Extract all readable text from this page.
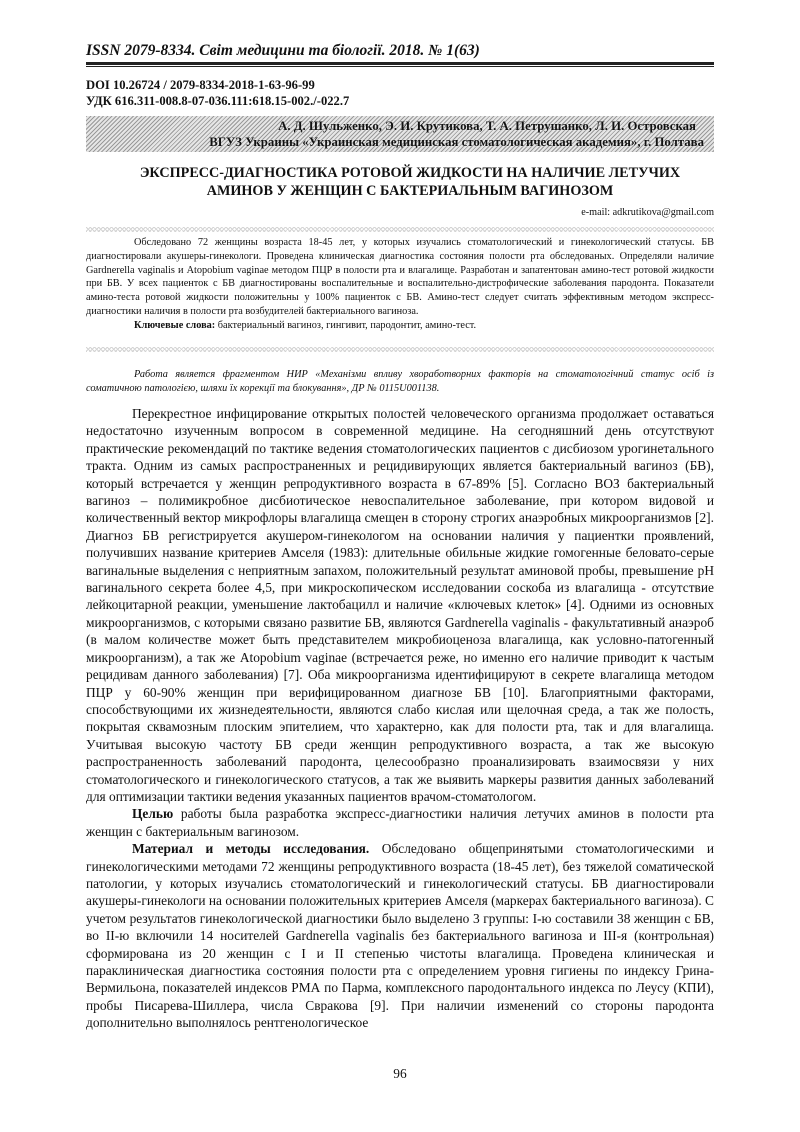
ISSN 2079-8334. Світ медицини та біології. 2018. № 1(63)
DOI 10.26724 / 2079-8334-2018-1-63-96-99
УДК 616.311-008.8-07-036.111:618.15-002./-022.7
А. Д. Шульженко, Э. И. Крутикова, Т. А. Петрушанко, Л. И. Островская
ВГУЗ Украины «Украинская медицинская стоматологическая академия», г. Полтава
ЭКСПРЕСС-ДИАГНОСТИКА РОТОВОЙ ЖИДКОСТИ НА НАЛИЧИЕ ЛЕТУЧИХ
АМИНОВ У ЖЕНЩИН С БАКТЕРИАЛЬНЫМ ВАГИНОЗОМ
e-mail: adkrutikova@gmail.com

Обследовано 72 женщины возраста 18-45 лет, у которых изучались стоматологический и гинекологический статусы. БВ диагностировали акушеры-гинекологи. Проведена клиническая диагностика состояния полости рта обследованых. Определяли наличие Gardnerella vaginalis и Atopobium vaginae методом ПЦР в полости рта и влагалище. Разработан и запатентован амино-тест ротовой жидкости при БВ. У всех пациенток с БВ диагностированы воспалительные и воспалительно-дистрофические заболевания пародонта. Показатели амино-теста ротовой жидкости положительны у 100% пациенток с БВ. Амино-тест следует считать эффективным методом экспресс-диагностики наличия в полости рта возбудителей бактериального вагиноза.

Ключевые слова: бактериальный вагиноз, гингивит, пародонтит, амино-тест.

Работа является фрагментом НИР «Механізми впливу хвоработворних факторів на стоматологічний статус осіб із соматичною патологією, шляхи їх корекції та блокування», ДР № 0115U001138.

Перекрестное инфицирование открытых полостей человеческого организма продолжает оставаться недостаточно изученным вопросом в современной медицине. На сегодняшний день отсутствуют практические рекомендаций по тактике ведения стоматологических пациентов с дисбиозом урогинетального тракта. Одним из самых распространенных и рецидивирующих является бактериальный вагиноз (БВ), который встречается у женщин репродуктивного возраста в 67-89% [5]. Согласно ВОЗ бактериальный вагиноз – полимикробное дисбиотическое невоспалительное заболевание, при котором видовой и количественный вектор микрофлоры влагалища смещен в сторону строгих анаэробных микроорганизмов [2]. Диагноз БВ регистрируется акушером-гинекологом на основании наличия у пациентки проявлений, получивших название критериев Амселя (1983): длительные обильные жидкие гомогенные беловато-серые вагинальные выделения с неприятным запахом, положительный результат аминовой пробы, превышение pH вагинального секрета более 4,5, при микроскопическом исследовании соскоба из влагалища - отсутствие лейкоцитарной реакции, уменьшение лактобацилл и наличие «ключевых клеток» [4]. Одними из основных микроорганизмов, с которыми связано развитие БВ, являются Gardnerella vaginalis - факультативный анаэроб (в малом количестве может быть представителем микробиоценоза влагалища, как условно-патогенный микроорганизм), а так же Atopobium vaginae (встречается реже, но именно его наличие приводит к частым рецидивам данного заболевания) [7]. Оба микроорганизма идентифицируют в секрете влагалища методом ПЦР у 60-90% женщин при верифицированном диагнозе БВ [10]. Благоприятными факторами, способствующими их жизнедеятельности, являются слабо кислая или щелочная среда, а так же полость, покрытая сквамозным плоским эпителием, что характерно, как для полости рта, так и для влагалища. Учитывая высокую частоту БВ среди женщин репродуктивного возраста, а так же высокую распространенность заболеваний пародонта, целесообразно проанализировать взаимосвязи у них стоматологического и гинекологического статусов, а так же выявить маркеры развития данных заболеваний для оптимизации тактики ведения указанных пациентов врачом-стоматологом.

Целью работы была разработка экспресс-диагностики наличия летучих аминов в полости рта женщин с бактериальным вагинозом.

Материал и методы исследования. Обследовано общепринятыми стоматологическими и гинекологическими методами 72 женщины репродуктивного возраста (18-45 лет), без тяжелой соматической патологии, у которых изучались стоматологический и гинекологический статусы. БВ диагностировали акушеры-гинекологи на основании положительных критериев Амселя (маркерах бактериального вагиноза). С учетом результатов гинекологической диагностики было выделено 3 группы: І-ю составили 38 женщин с БВ, во ІІ-ю включили 14 носителей Gardnerella vaginalis без бактериального вагиноза и ІІІ-я (контрольная) сформирована из 20 женщин с І и ІІ степенью чистоты влагалища. Проведена клиническая и параклиническая диагностика состояния полости рта с определением уровня гигиены по индексу Грина-Вермильона, показателей индексов РМА по Парма, комплексного пародонтального индекса по Леусу (КПИ), пробы Писарева-Шиллера, числа Свракова [9]. При наличии изменений со стороны пародонта дополнительно выполнялось рентгенологическое

96
